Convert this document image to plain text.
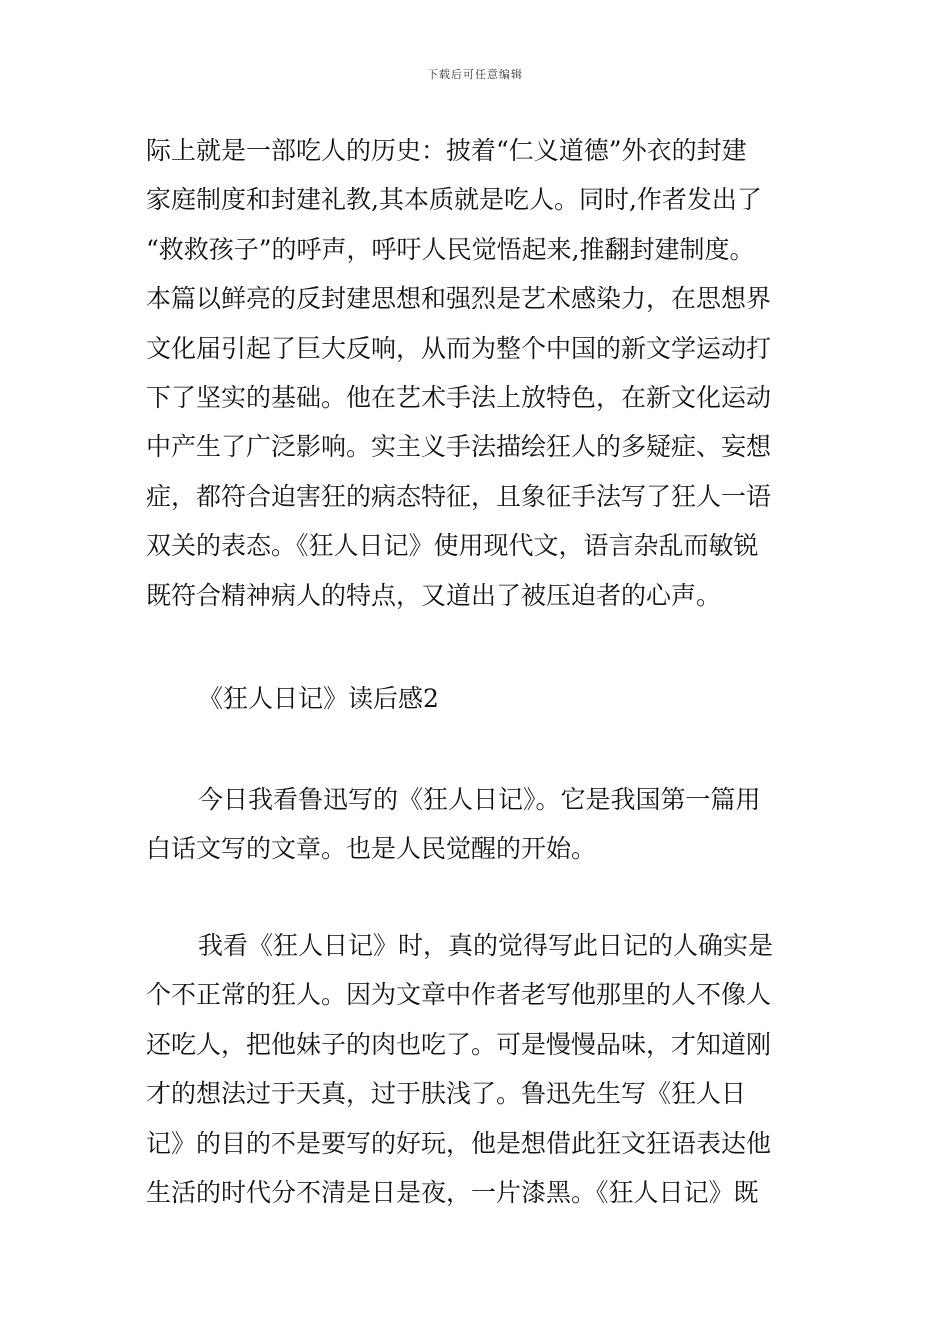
下载后可任意编辑
际上就是一部吃人的历史：披着“仁义道德”外衣的封建
家庭制度和封建礼教,其本质就是吃人。同时,作者发出了
“救救孩子”的呼声，呼吁人民觉悟起来,推翻封建制度。
本篇以鲜亮的反封建思想和强烈是艺术感染力，在思想界
文化届引起了巨大反响，从而为整个中国的新文学运动打
下了坚实的基础。他在艺术手法上放特色，在新文化运动
中产生了广泛影响。实主义手法描绘狂人的多疑症、妄想
症，都符合迫害狂的病态特征，且象征手法写了狂人一语
双关的表态。《狂人日记》使用现代文，语言杂乱而敏锐
既符合精神病人的特点，又道出了被压迫者的心声。
《狂人日记》读后感2
今日我看鲁迅写的《狂人日记》。它是我国第一篇用
白话文写的文章。也是人民觉醒的开始。
我看《狂人日记》时，真的觉得写此日记的人确实是
个不正常的狂人。因为文章中作者老写他那里的人不像人
还吃人，把他妹子的肉也吃了。可是慢慢品味，才知道刚
才的想法过于天真，过于肤浅了。鲁迅先生写《狂人日
记》的目的不是要写的好玩，他是想借此狂文狂语表达他
生活的时代分不清是日是夜，一片漆黑。《狂人日记》既
